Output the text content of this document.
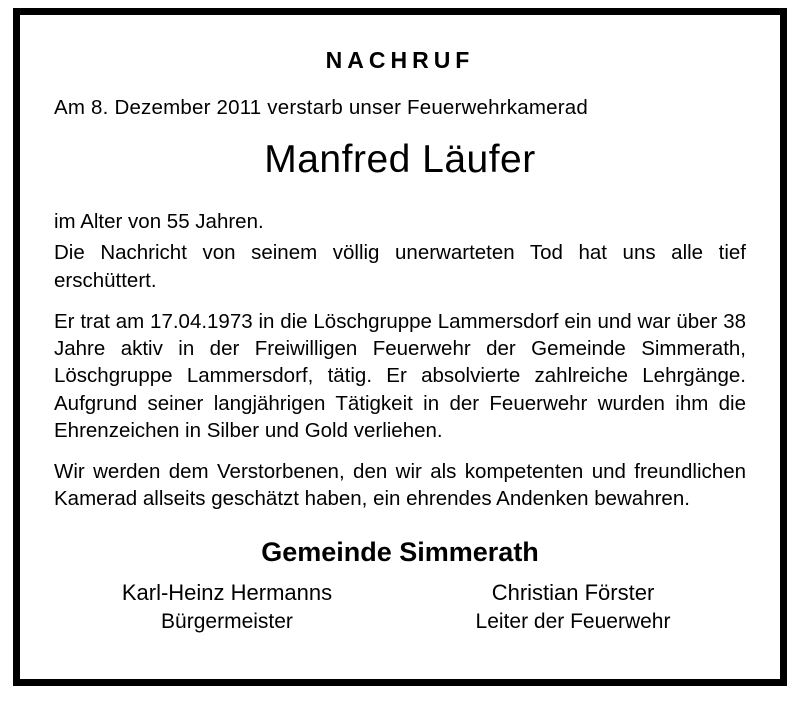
NACHRUF

Am 8. Dezember 2011 verstarb unser Feuerwehrkamerad

Manfred Läufer

im Alter von 55 Jahren.

Die Nachricht von seinem völlig unerwarteten Tod hat uns alle tief erschüttert.

Er trat am 17.04.1973 in die Löschgruppe Lammersdorf ein und war über 38 Jahre aktiv in der Freiwilligen Feuerwehr der Gemeinde Simmerath, Löschgruppe Lammersdorf, tätig. Er absolvierte zahlreiche Lehrgänge. Aufgrund seiner langjährigen Tätigkeit in der Feuerwehr wurden ihm die Ehrenzeichen in Silber und Gold verliehen.

Wir werden dem Verstorbenen, den wir als kompetenten und freundlichen Kamerad allseits geschätzt haben, ein ehrendes Andenken bewahren.

Gemeinde Simmerath
Karl-Heinz Hermanns
Bürgermeister
Christian Förster
Leiter der Feuerwehr
